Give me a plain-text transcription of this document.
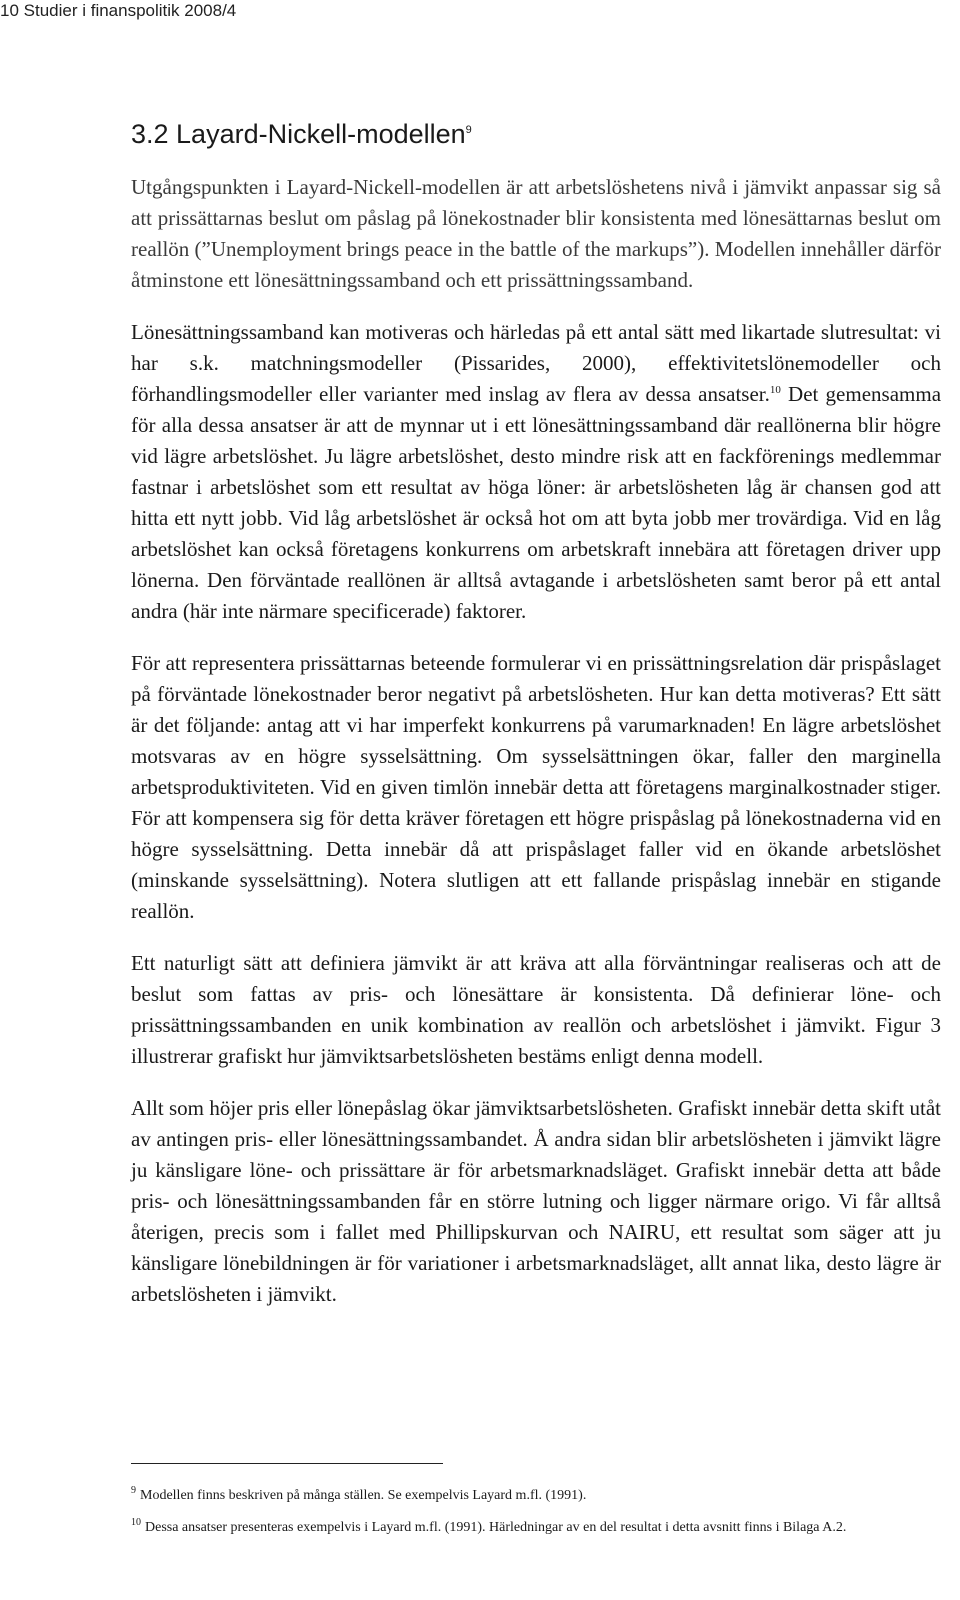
10 Studier i finanspolitik 2008/4
3.2 Layard-Nickell-modellen$^9$

Utgångspunkten i Layard-Nickell-modellen är att arbetslöshetens nivå i jämvikt anpassar sig så att prissättarnas beslut om påslag på lönekostnader blir konsistenta med lönesättarnas beslut om reallön (”Unemployment brings peace in the battle of the markups”). Modellen innehåller därför åtminstone ett lönesättningssamband och ett prissättningssamband.

Lönesättningssamband kan motiveras och härledas på ett antal sätt med likartade slutresultat: vi har s.k. matchningsmodeller (Pissarides, 2000), effektivitetslönemodeller och förhandlingsmodeller eller varianter med inslag av flera av dessa ansatser.$^{10}$ Det gemensamma för alla dessa ansatser är att de mynnar ut i ett lönesättningssamband där reallönerna blir högre vid lägre arbetslöshet. Ju lägre arbetslöshet, desto mindre risk att en fackförenings medlemmar fastnar i arbetslöshet som ett resultat av höga löner: är arbetslösheten låg är chansen god att hitta ett nytt jobb. Vid låg arbetslöshet är också hot om att byta jobb mer trovärdiga. Vid en låg arbetslöshet kan också företagens konkurrens om arbetskraft innebära att företagen driver upp lönerna. Den förväntade reallönen är alltså avtagande i arbetslösheten samt beror på ett antal andra (här inte närmare specificerade) faktorer.

För att representera prissättarnas beteende formulerar vi en prissättningsrelation där prispåslaget på förväntade lönekostnader beror negativt på arbetslösheten. Hur kan detta motiveras? Ett sätt är det följande: antag att vi har imperfekt konkurrens på varumarknaden! En lägre arbetslöshet motsvaras av en högre sysselsättning. Om sysselsättningen ökar, faller den marginella arbetsproduktiviteten. Vid en given timlön innebär detta att företagens marginalkostnader stiger. För att kompensera sig för detta kräver företagen ett högre prispåslag på lönekostnaderna vid en högre sysselsättning. Detta innebär då att prispåslaget faller vid en ökande arbetslöshet (minskande sysselsättning). Notera slutligen att ett fallande prispåslag innebär en stigande reallön.

Ett naturligt sätt att definiera jämvikt är att kräva att alla förväntningar realiseras och att de beslut som fattas av pris- och lönesättare är konsistenta. Då definierar löne- och prissättningssambanden en unik kombination av reallön och arbetslöshet i jämvikt. Figur 3 illustrerar grafiskt hur jämviktsarbetslösheten bestäms enligt denna modell.

Allt som höjer pris eller lönepåslag ökar jämviktsarbetslösheten. Grafiskt innebär detta skift utåt av antingen pris- eller lönesättningssambandet. Å andra sidan blir arbetslösheten i jämvikt lägre ju känsligare löne- och prissättare är för arbetsmarknadsläget. Grafiskt innebär detta att både pris- och lönesättningssambanden får en större lutning och ligger närmare origo. Vi får alltså återigen, precis som i fallet med Phillipskurvan och NAIRU, ett resultat som säger att ju känsligare lönebildningen är för variationer i arbetsmarknadsläget, allt annat lika, desto lägre är arbetslösheten i jämvikt.

$^9$ Modellen finns beskriven på många ställen. Se exempelvis Layard m.fl. (1991).

$^{10}$ Dessa ansatser presenteras exempelvis i Layard m.fl. (1991). Härledningar av en del resultat i detta avsnitt finns i Bilaga A.2.
